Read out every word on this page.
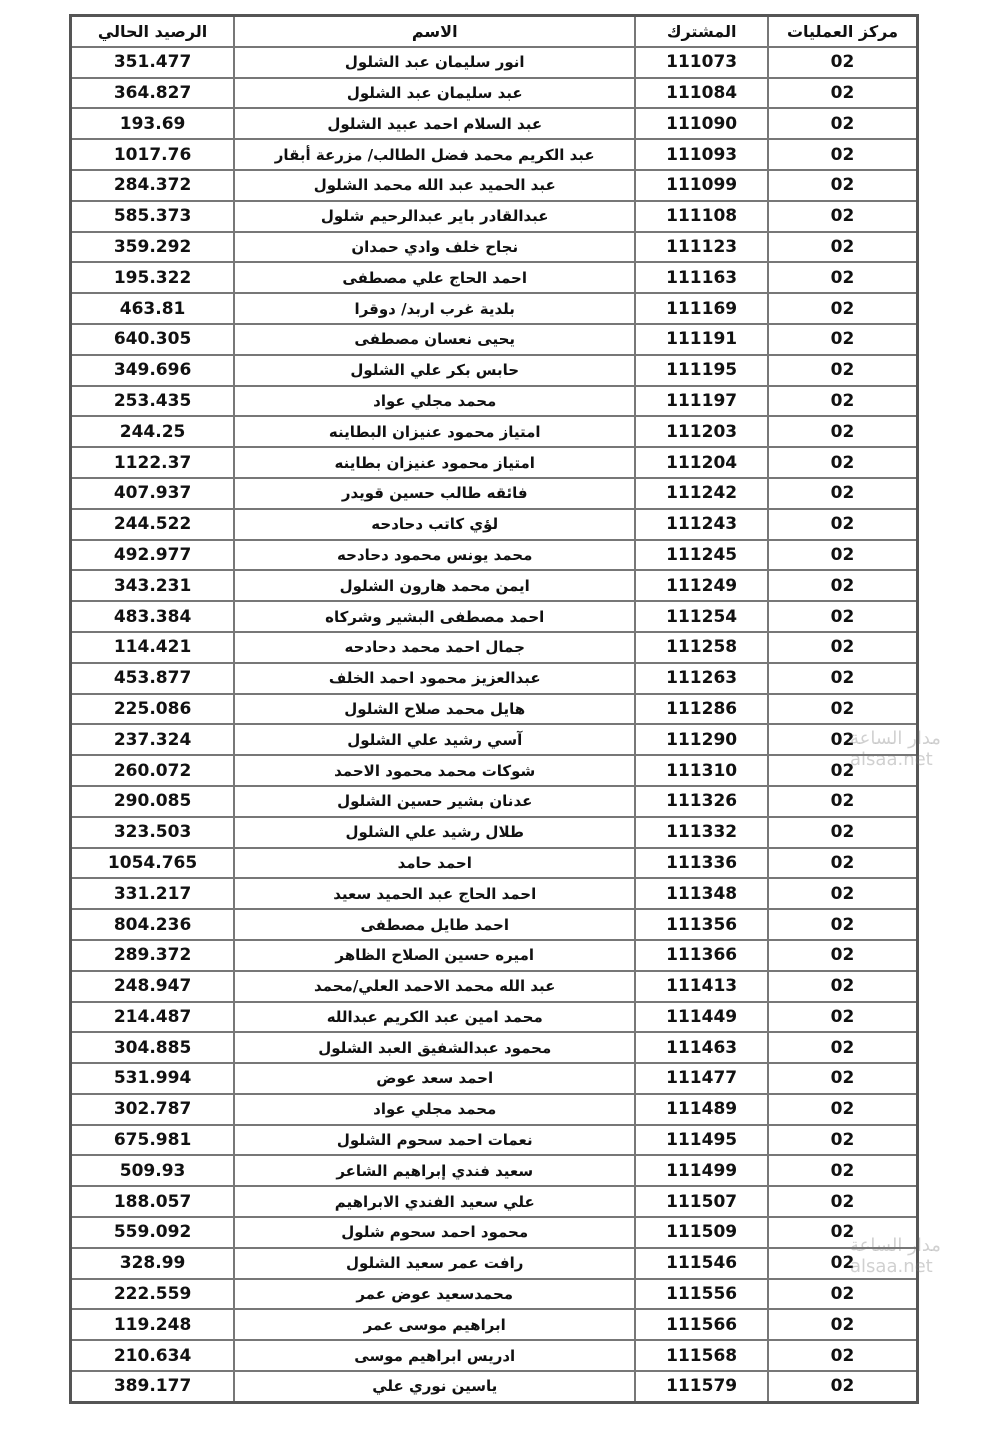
مركز العمليات	المشترك	الاسم	الرصيد الحالي
02	111073	انور سليمان عبد الشلول	351.477
02	111084	عبد سليمان عبد الشلول	364.827
02	111090	عبد السلام احمد عبيد الشلول	193.69
02	111093	عبد الكريم محمد فضل الطالب/ مزرعة أبقار	1017.76
02	111099	عبد الحميد عبد الله محمد الشلول	284.372
02	111108	عبدالقادر باير عبدالرحيم شلول	585.373
02	111123	نجاح خلف وادي حمدان	359.292
02	111163	احمد الحاج علي مصطفى	195.322
02	111169	بلدية غرب اربد/ دوقرا	463.81
02	111191	يحيى نعسان مصطفى	640.305
02	111195	حابس بكر علي الشلول	349.696
02	111197	محمد مجلي عواد	253.435
02	111203	امتياز محمود عنيزان البطاينه	244.25
02	111204	امتياز محمود عنيزان بطاينه	1122.37
02	111242	فائقه طالب حسين قويدر	407.937
02	111243	لؤي كاتب دحادحه	244.522
02	111245	محمد يونس محمود دحادحه	492.977
02	111249	ايمن محمد هارون الشلول	343.231
02	111254	احمد مصطفى البشير وشركاه	483.384
02	111258	جمال احمد محمد دحادحه	114.421
02	111263	عبدالعزيز محمود احمد الخلف	453.877
02	111286	هايل محمد صلاح الشلول	225.086
02	111290	آسي رشيد علي الشلول	237.324
02	111310	شوكات محمد محمود الاحمد	260.072
02	111326	عدنان بشير حسين الشلول	290.085
02	111332	طلال رشيد علي الشلول	323.503
02	111336	احمد حامد	1054.765
02	111348	احمد الحاج عبد الحميد سعيد	331.217
02	111356	احمد طايل مصطفى	804.236
02	111366	اميره حسين الصلاح الظاهر	289.372
02	111413	عبد الله محمد الاحمد العلي/محمد	248.947
02	111449	محمد امين عبد الكريم عبدالله	214.487
02	111463	محمود عبدالشفيق العبد الشلول	304.885
02	111477	احمد سعد عوض	531.994
02	111489	محمد مجلي عواد	302.787
02	111495	نعمات احمد سحوم الشلول	675.981
02	111499	سعيد فندي إبراهيم الشاعر	509.93
02	111507	علي سعيد الفندي الابراهيم	188.057
02	111509	محمود احمد سحوم شلول	559.092
02	111546	رافت عمر سعيد الشلول	328.99
02	111556	محمدسعيد عوض عمر	222.559
02	111566	ابراهيم موسى عمر	119.248
02	111568	ادريس ابراهيم موسى	210.634
02	111579	ياسين نوري علي	389.177
مدار الساعة
alsaa.net
مدار الساعة
alsaa.net
